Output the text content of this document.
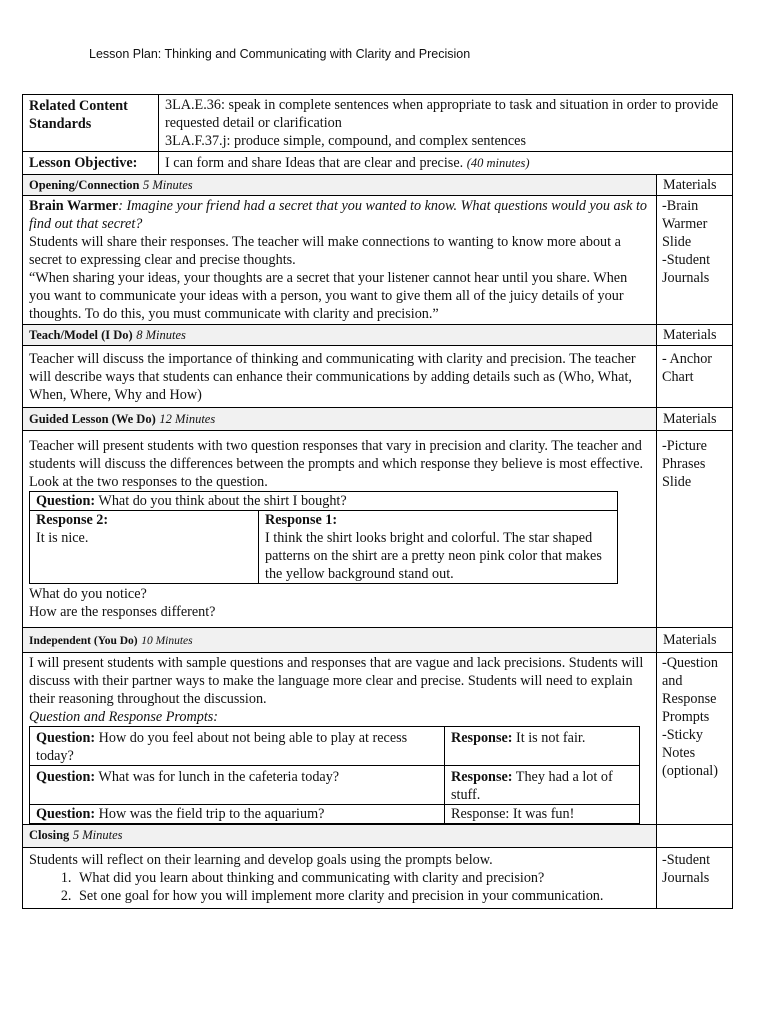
Lesson Plan: Thinking and Communicating with Clarity and Precision
Related Content Standards	
3LA.E.36: speak in complete sentences when appropriate to task and situation in order to provide requested detail or clarification
3LA.F.37.j: produce simple, compound, and complex sentences

Lesson Objective:	I can form and share Ideas that are clear and precise. (40 minutes)
Opening/Connection 5 Minutes	Materials

Brain Warmer: Imagine your friend had a secret that you wanted to know. What questions would you ask to find out that secret?
Students will share their responses. The teacher will make connections to wanting to know more about a secret to expressing clear and precise thoughts.
“When sharing your ideas, your thoughts are a secret that your listener cannot hear until you share. When you want to communicate your ideas with a person, you want to give them all of the juicy details of your thoughts. To do this, you must communicate with clarity and precision.”

-Brain Warmer Slide
-Student Journals

Teach/Model (I Do) 8 Minutes	Materials

Teacher will discuss the importance of thinking and communicating with clarity and precision. The teacher will describe ways that students can enhance their communications by adding details such as (Who, What, When, Where, Why and How)

- Anchor Chart

Guided Lesson (We Do) 12 Minutes	Materials

Teacher will present students with two question responses that vary in precision and clarity. The teacher and students will discuss the differences between the prompts and which response they believe is most effective.
Look at the two responses to the question.
Question: What do you think about the shirt I bought?

Response 2:
It is nice.

Response 1:
I think the shirt looks bright and colorful. The star shaped patterns on the shirt are a pretty neon pink color that makes the yellow background stand out.
What do you notice?
How are the responses different?

-Picture Phrases Slide

Independent (You Do) 10 Minutes	Materials

I will present students with sample questions and responses that are vague and lack precisions. Students will discuss with their partner ways to make the language more clear and precise. Students will need to explain their reasoning throughout the discussion.
Question and Response Prompts:
Question: How do you feel about not being able to play at recess today?	Response: It is not fair.
Question: What was for lunch in the cafeteria today?	Response: They had a lot of stuff.
Question: How was the field trip to the aquarium?	Response: It was fun!

-Question and Response Prompts
-Sticky Notes (optional)

Closing 5 Minutes	

Students will reflect on their learning and develop goals using the prompts below.
1. What did you learn about thinking and communicating with clarity and precision?
2. Set one goal for how you will implement more clarity and precision in your communication.

-Student Journals
